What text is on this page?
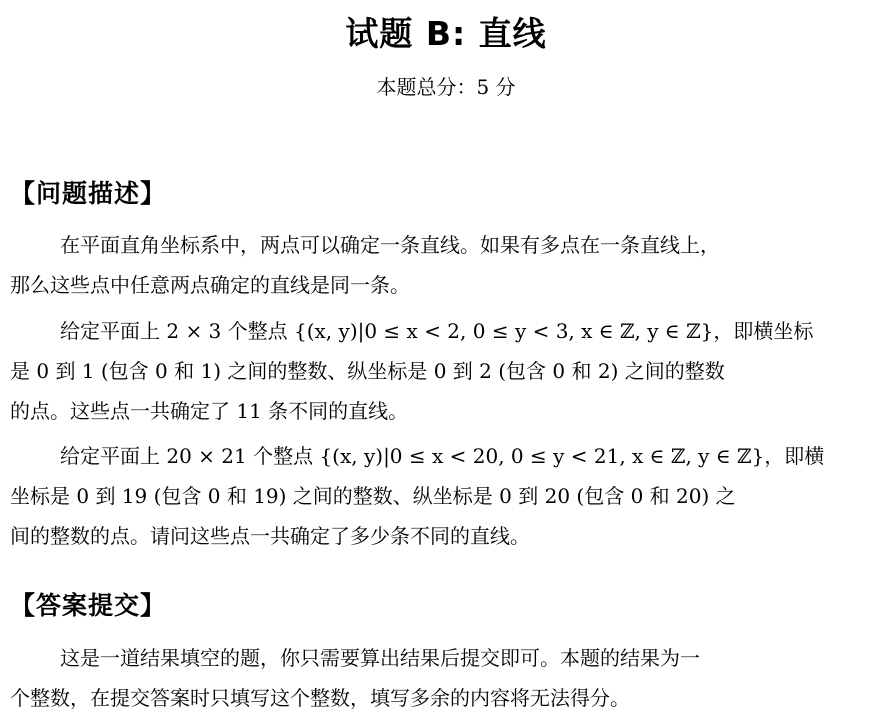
试题 B: 直线
本题总分：5 分
【问题描述】
在平面直角坐标系中，两点可以确定一条直线。如果有多点在一条直线上，
那么这些点中任意两点确定的直线是同一条。
给定平面上 2 × 3 个整点 {(x, y)|0 ≤ x < 2, 0 ≤ y < 3, x ∈ ℤ, y ∈ ℤ}，即横坐标
是 0 到 1 (包含 0 和 1) 之间的整数、纵坐标是 0 到 2 (包含 0 和 2) 之间的整数
的点。这些点一共确定了 11 条不同的直线。
给定平面上 20 × 21 个整点 {(x, y)|0 ≤ x < 20, 0 ≤ y < 21, x ∈ ℤ, y ∈ ℤ}，即横
坐标是 0 到 19 (包含 0 和 19) 之间的整数、纵坐标是 0 到 20 (包含 0 和 20) 之
间的整数的点。请问这些点一共确定了多少条不同的直线。
【答案提交】
这是一道结果填空的题，你只需要算出结果后提交即可。本题的结果为一
个整数，在提交答案时只填写这个整数，填写多余的内容将无法得分。
